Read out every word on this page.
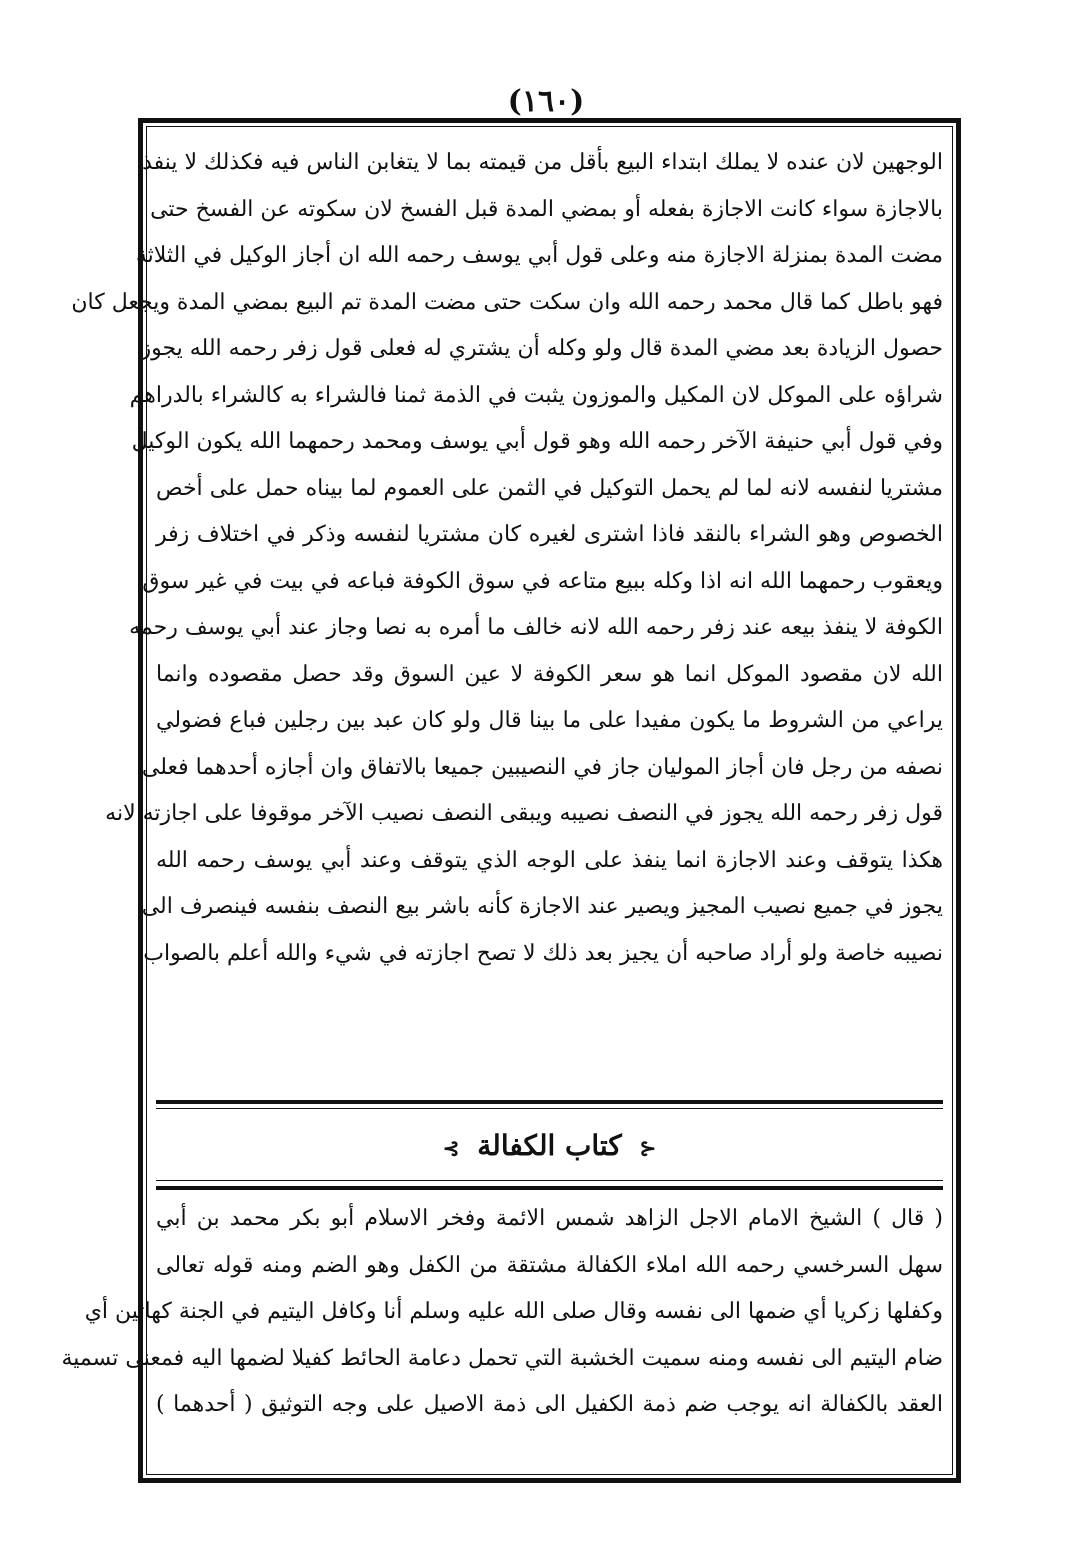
(١٦٠)
الوجهين لان عنده لا يملك ابتداء البيع بأقل من قيمته بما لا يتغابن الناس فيه فكذلك لا ينفذ
بالاجازة سواء كانت الاجازة بفعله أو بمضي المدة قبل الفسخ لان سكوته عن الفسخ حتى
مضت المدة بمنزلة الاجازة منه وعلى قول أبي يوسف رحمه الله ان أجاز الوكيل في الثلاثة
فهو باطل كما قال محمد رحمه الله وان سكت حتى مضت المدة تم البيع بمضي المدة ويجعل كان
حصول الزيادة بعد مضي المدة قال ولو وكله أن يشتري له فعلى قول زفر رحمه الله يجوز
شراؤه على الموكل لان المكيل والموزون يثبت في الذمة ثمنا فالشراء به كالشراء بالدراهم
وفي قول أبي حنيفة الآخر رحمه الله وهو قول أبي يوسف ومحمد رحمهما الله يكون الوكيل
مشتريا لنفسه لانه لما لم يحمل التوكيل في الثمن على العموم لما بيناه حمل على أخص
الخصوص وهو الشراء بالنقد فاذا اشترى لغيره كان مشتريا لنفسه وذكر في اختلاف زفر
ويعقوب رحمهما الله انه اذا وكله ببيع متاعه في سوق الكوفة فباعه في بيت في غير سوق
الكوفة لا ينفذ بيعه عند زفر رحمه الله لانه خالف ما أمره به نصا وجاز عند أبي يوسف رحمه
الله لان مقصود الموكل انما هو سعر الكوفة لا عين السوق وقد حصل مقصوده وانما
يراعي من الشروط ما يكون مفيدا على ما بينا قال ولو كان عبد بين رجلين فباع فضولي
نصفه من رجل فان أجاز الموليان جاز في النصيبين جميعا بالاتفاق وان أجازه أحدهما فعلى
قول زفر رحمه الله يجوز في النصف نصيبه ويبقى النصف نصيب الآخر موقوفا على اجازته لانه
هكذا يتوقف وعند الاجازة انما ينفذ على الوجه الذي يتوقف وعند أبي يوسف رحمه الله
يجوز في جميع نصيب المجيز ويصير عند الاجازة كأنه باشر بيع النصف بنفسه فينصرف الى
نصيبه خاصة ولو أراد صاحبه أن يجيز بعد ذلك لا تصح اجازته في شيء والله أعلم بالصواب
⊰ كتاب الكفالة ⊱
( قال ) الشيخ الامام الاجل الزاهد شمس الائمة وفخر الاسلام أبو بكر محمد بن أبي
سهل السرخسي رحمه الله املاء الكفالة مشتقة من الكفل وهو الضم ومنه قوله تعالى
وكفلها زكريا أي ضمها الى نفسه وقال صلى الله عليه وسلم أنا وكافل اليتيم في الجنة كهاتين أي
ضام اليتيم الى نفسه ومنه سميت الخشبة التي تحمل دعامة الحائط كفيلا لضمها اليه فمعنى تسمية
العقد بالكفالة انه يوجب ضم ذمة الكفيل الى ذمة الاصيل على وجه التوثيق ( أحدهما )
